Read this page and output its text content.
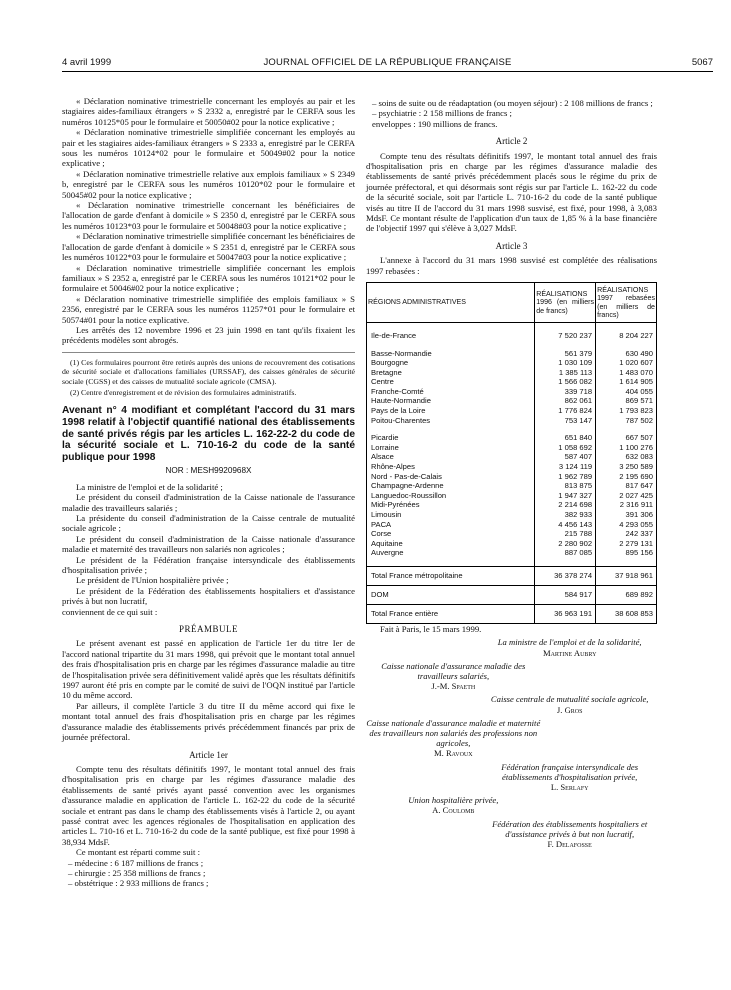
4 avril 1999	JOURNAL OFFICIEL DE LA RÉPUBLIQUE FRANÇAISE	5067

« Déclaration nominative trimestrielle concernant les employés au pair et les stagiaires aides-familiaux étrangers » S 2332 a, enregistré par le CERFA sous les numéros 10125*05 pour le formulaire et 50050#02 pour la notice explicative ;

« Déclaration nominative trimestrielle simplifiée concernant les employés au pair et les stagiaires aides-familiaux étrangers » S 2333 a, enregistré par le CERFA sous les numéros 10124*02 pour le formulaire et 50049#02 pour la notice explicative ;

« Déclaration nominative trimestrielle relative aux emplois familiaux » S 2349 b, enregistré par le CERFA sous les numéros 10120*02 pour le formulaire et 50045#02 pour la notice explicative ;

« Déclaration nominative trimestrielle concernant les bénéficiaires de l'allocation de garde d'enfant à domicile » S 2350 d, enregistré par le CERFA sous les numéros 10123*03 pour le formulaire et 50048#03 pour la notice explicative ;

« Déclaration nominative trimestrielle simplifiée concernant les bénéficiaires de l'allocation de garde d'enfant à domicile » S 2351 d, enregistré par le CERFA sous les numéros 10122*03 pour le formulaire et 50047#03 pour la notice explicative ;

« Déclaration nominative trimestrielle simplifiée concernant les emplois familiaux » S 2352 a, enregistré par le CERFA sous les numéros 10121*02 pour le formulaire et 50046#02 pour la notice explicative ;

« Déclaration nominative trimestrielle simplifiée des emplois familiaux » S 2356, enregistré par le CERFA sous les numéros 11257*01 pour le formulaire et 50574#01 pour la notice explicative.

Les arrêtés des 12 novembre 1996 et 23 juin 1998 en tant qu'ils fixaient les précédents modèles sont abrogés.

(1) Ces formulaires pourront être retirés auprès des unions de recouvrement des cotisations de sécurité sociale et d'allocations familiales (URSSAF), des caisses générales de sécurité sociale (CGSS) et des caisses de mutualité sociale agricole (CMSA).

(2) Centre d'enregistrement et de révision des formulaires administratifs.

Avenant n° 4 modifiant et complétant l'accord du 31 mars 1998 relatif à l'objectif quantifié national des établissements de santé privés régis par les articles L. 162-22-2 du code de la sécurité sociale et L. 710-16-2 du code de la santé publique pour 1998
NOR : MESH9920968X

La ministre de l'emploi et de la solidarité ;

Le président du conseil d'administration de la Caisse nationale de l'assurance maladie des travailleurs salariés ;

La présidente du conseil d'administration de la Caisse centrale de mutualité sociale agricole ;

Le président du conseil d'administration de la Caisse nationale d'assurance maladie et maternité des travailleurs non salariés non agricoles ;

Le président de la Fédération française intersyndicale des établissements d'hospitalisation privée ;

Le président de l'Union hospitalière privée ;

Le président de la Fédération des établissements hospitaliers et d'assistance privés à but non lucratif,

conviennent de ce qui suit :

PRÉAMBULE

Le présent avenant est passé en application de l'article 1er du titre Ier de l'accord national tripartite du 31 mars 1998, qui prévoit que le montant total annuel des frais d'hospitalisation pris en charge par les régimes d'assurance maladie au titre de l'hospitalisation privée sera définitivement validé après que les résultats définitifs 1997 auront été pris en compte par le comité de suivi de l'OQN institué par l'article 10 du même accord.

Par ailleurs, il complète l'article 3 du titre II du même accord qui fixe le montant total annuel des frais d'hospitalisation pris en charge par les régimes d'assurance maladie des établissements privés précédemment financés par prix de journée préfectoral.

Article 1er

Compte tenu des résultats définitifs 1997, le montant total annuel des frais d'hospitalisation pris en charge par les régimes d'assurance maladie des établissements de santé privés ayant passé convention avec les organismes d'assurance maladie en application de l'article L. 162-22 du code de la sécurité sociale et entrant pas dans le champ des établissements visés à l'article 2, ou ayant passé contrat avec les agences régionales de l'hospitalisation en application des articles L. 710-16 et L. 710-16-2 du code de la santé publique, est fixé pour 1998 à 38,934 MdsF.

Ce montant est réparti comme suit :

– médecine : 6 187 millions de francs ;

– chirurgie : 25 358 millions de francs ;

– obstétrique : 2 933 millions de francs ;

– soins de suite ou de réadaptation (ou moyen séjour) : 2 108 millions de francs ;

– psychiatrie : 2 158 millions de francs ;

enveloppes : 190 millions de francs.

Article 2

Compte tenu des résultats définitifs 1997, le montant total annuel des frais d'hospitalisation pris en charge par les régimes d'assurance maladie des établissements de santé privés précédemment placés sous le régime du prix de journée préfectoral, et qui désormais sont régis sur par l'article L. 162-22 du code de la sécurité sociale, soit par l'article L. 710-16-2 du code de la santé publique visés au titre II de l'accord du 31 mars 1998 susvisé, est fixé, pour 1998, à 3,083 MdsF. Ce montant résulte de l'application d'un taux de 1,85 % à la base financière de l'objectif 1997 qui s'élève à 3,027 MdsF.

Article 3

L'annexe à l'accord du 31 mars 1998 susvisé est complétée des réalisations 1997 rebasées :

RÉGIONS ADMINISTRATIVES	RÉALISATIONS 1996 (en milliers de francs)	RÉALISATIONS 1997 rebasées (en milliers de francs)

Ile-de-France	7 520 237	8 204 227

Basse-Normandie	561 379	630 490
Bourgogne	1 030 109	1 020 607
Bretagne	1 385 113	1 483 070
Centre	1 566 082	1 614 905
Franche-Comté	339 718	404 055
Haute-Normandie	862 061	869 571
Pays de la Loire	1 776 824	1 793 823
Poitou-Charentes	753 147	787 502

Picardie	651 840	667 507
Lorraine	1 058 692	1 100 276
Alsace	587 407	632 083
Rhône-Alpes	3 124 119	3 250 589
Nord - Pas-de-Calais	1 962 789	2 195 690
Champagne-Ardenne	813 875	817 647
Languedoc-Roussillon	1 947 327	2 027 425
Midi-Pyrénées	2 214 698	2 316 911
Limousin	382 933	391 306
PACA	4 456 143	4 293 055
Corse	215 788	242 337
Aquitaine	2 280 902	2 279 131
Auvergne	887 085	895 156

Total France métropolitaine	36 378 274	37 918 961
DOM	584 917	689 892
Total France entière	36 963 191	38 608 853

Fait à Paris, le 15 mars 1999.

La ministre de l'emploi et de la solidarité,
Martine Aubry
Caisse nationale d'assurance maladie des travailleurs salariés,
J.-M. Spaeth
Caisse centrale de mutualité sociale agricole,
J. Gros
Caisse nationale d'assurance maladie et maternité des travailleurs non salariés des professions non agricoles,
M. Ravoux
Fédération française intersyndicale des établissements d'hospitalisation privée,
L. Serlafy
Union hospitalière privée,
A. Coulomb
Fédération des établissements hospitaliers et d'assistance privés à but non lucratif,
F. Delafosse
